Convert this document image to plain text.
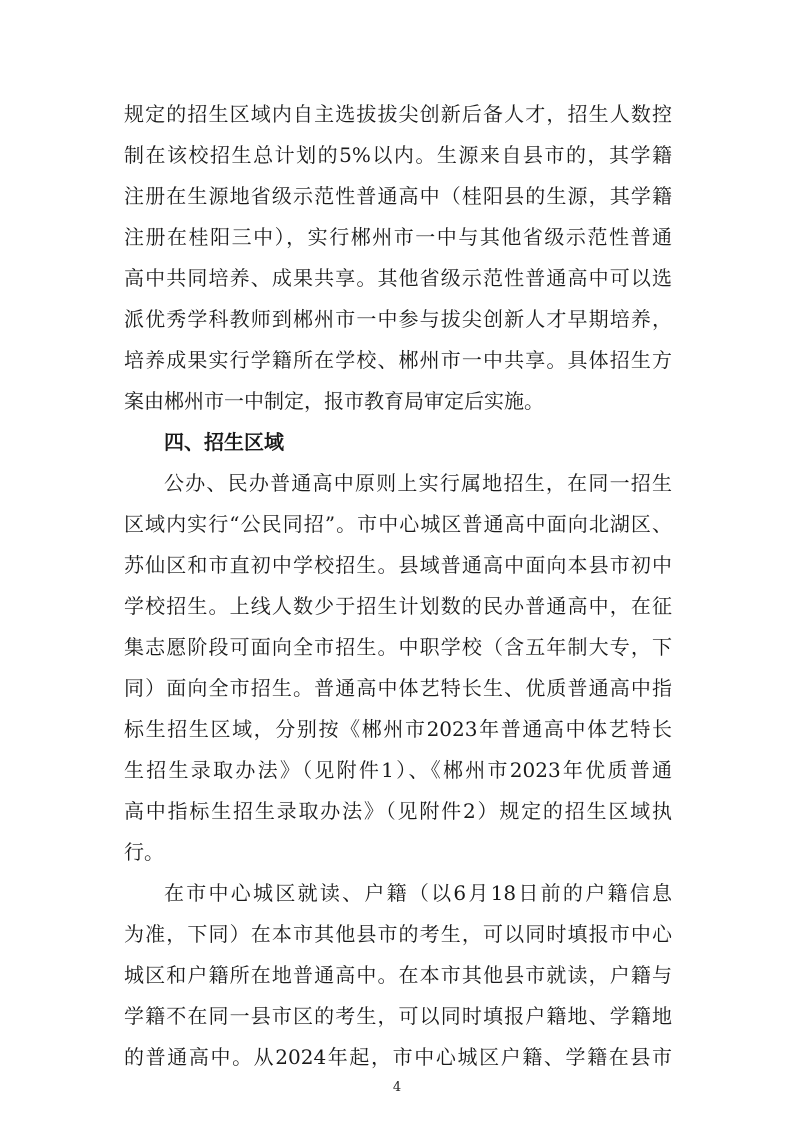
规定的招生区域内自主选拔拔尖创新后备人才，招生人数控
制在该校招生总计划的5%以内。生源来自县市的，其学籍
注册在生源地省级示范性普通高中（桂阳县的生源，其学籍
注册在桂阳三中），实行郴州市一中与其他省级示范性普通
高中共同培养、成果共享。其他省级示范性普通高中可以选
派优秀学科教师到郴州市一中参与拔尖创新人才早期培养，
培养成果实行学籍所在学校、郴州市一中共享。具体招生方
案由郴州市一中制定，报市教育局审定后实施。
四、招生区域
公办、民办普通高中原则上实行属地招生，在同一招生
区域内实行“公民同招”。市中心城区普通高中面向北湖区、
苏仙区和市直初中学校招生。县域普通高中面向本县市初中
学校招生。上线人数少于招生计划数的民办普通高中，在征
集志愿阶段可面向全市招生。中职学校（含五年制大专，下
同）面向全市招生。普通高中体艺特长生、优质普通高中指
标生招生区域，分别按《郴州市2023年普通高中体艺特长
生招生录取办法》（见附件1）、《郴州市2023年优质普通
高中指标生招生录取办法》（见附件2）规定的招生区域执
行。
在市中心城区就读、户籍（以6月18日前的户籍信息
为准，下同）在本市其他县市的考生，可以同时填报市中心
城区和户籍所在地普通高中。在本市其他县市就读，户籍与
学籍不在同一县市区的考生，可以同时填报户籍地、学籍地
的普通高中。从2024年起，市中心城区户籍、学籍在县市
4
